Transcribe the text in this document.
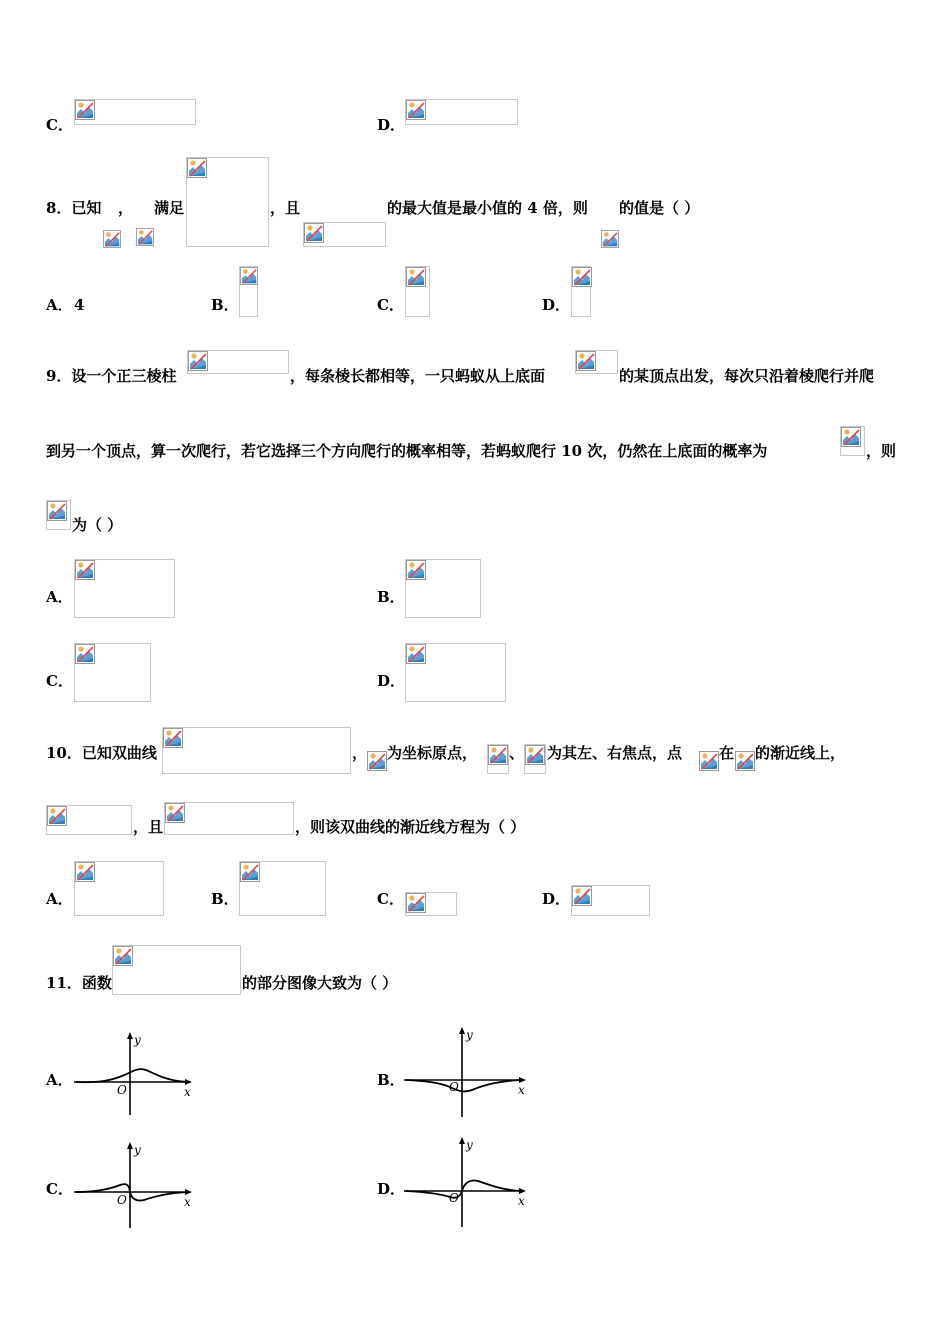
C．	D．
8．已知 ， 满足	，且	的最大值是最小值的 4 倍，则 的值是（ ）
A． 4	B．	C．	D．
9．设一个正三棱柱	，每条棱长都相等，一只蚂蚁从上底面	的某顶点出发，每次只沿着棱爬行并爬
到另一个顶点，算一次爬行，若它选择三个方向爬行的概率相等，若蚂蚁爬行 10 次，仍然在上底面的概率为	，则
为（ ）
A．	B．
C．	D．
10．已知双曲线	， 为坐标原点， 、 为其左、右焦点，点 在 的渐近线上，
，且	，则该双曲线的渐近线方程为（ ）
A．	B．	C．	D．
11．函数	的部分图像大致为（ ）
A．	B．
C．	D．
y
O	x
y
O	x
y
O	x
y
O	x
